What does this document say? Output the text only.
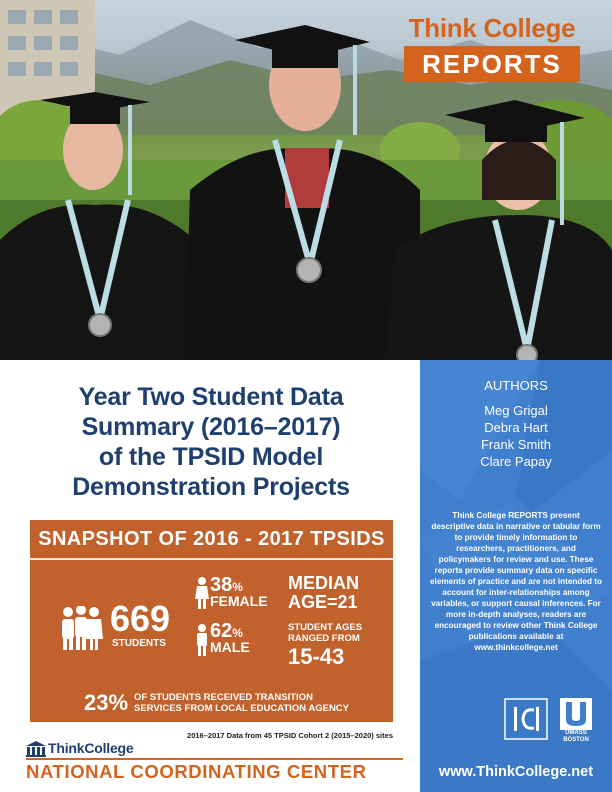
Think College
REPORTS
Year Two Student Data
Summary (2016–2017)
of the TPSID Model
Demonstration Projects
SNAPSHOT OF 2016 - 2017 TPSIDS
669
STUDENTS
38%
FEMALE
62%
MALE
MEDIAN
AGE=21
STUDENT AGES
RANGED FROM
15-43
23% OF STUDENTS RECEIVED TRANSITION
SERVICES FROM LOCAL EDUCATION AGENCY
2016–2017 Data from 45 TPSID Cohort 2 (2015–2020) sites
ThinkCollege
NATIONAL COORDINATING CENTER
AUTHORS
Meg Grigal
Debra Hart
Frank Smith
Clare Papay
Think College REPORTS present descriptive data in narrative or tabular form to provide timely information to researchers, practitioners, and policymakers for review and use. These reports provide summary data on specific elements of practice and are not intended to account for inter-relationships among variables, or support causal inferences. For more in-depth analyses, readers are encouraged to review other Think College publications available at www.thinkcollege.net
UMASS
BOSTON
www.ThinkCollege.net
